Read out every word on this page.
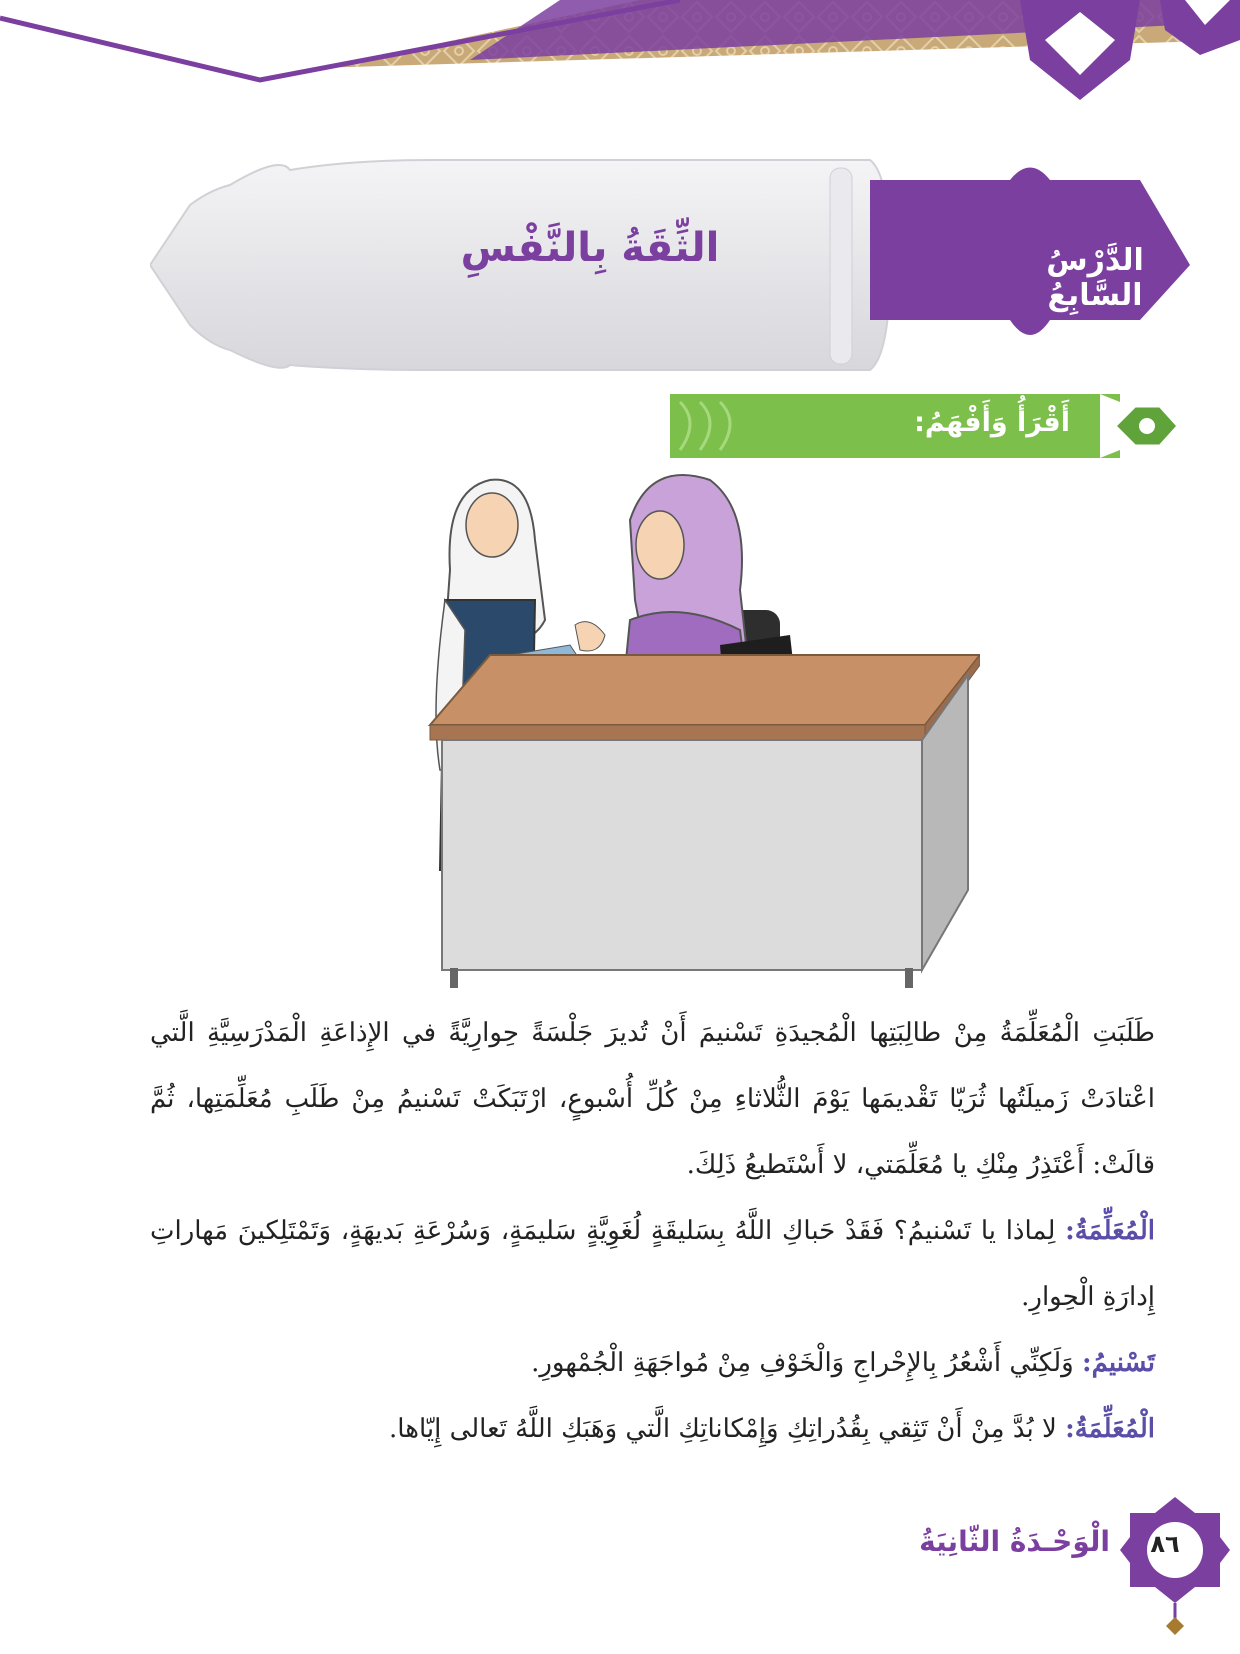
الدَّرْسُ السَّابِعُ
الثِّقَةُ بِالنَّفْسِ
أَقْرَأُ وَأَفْهَمُ:

طَلَبَتِ الْمُعَلِّمَةُ مِنْ طالِبَتِها الْمُجيدَةِ تَسْنيمَ أَنْ تُديرَ جَلْسَةً حِوارِيَّةً في الإِذاعَةِ الْمَدْرَسِيَّةِ الَّتي اعْتادَتْ زَميلَتُها ثُرَيّا تَقْديمَها يَوْمَ الثُّلاثاءِ مِنْ كُلِّ أُسْبوعٍ، ارْتَبَكَتْ تَسْنيمُ مِنْ طَلَبِ مُعَلِّمَتِها، ثُمَّ قالَتْ: أَعْتَذِرُ مِنْكِ يا مُعَلِّمَتي، لا أَسْتَطيعُ ذَلِكَ.

الْمُعَلِّمَةُ: لِماذا يا تَسْنيمُ؟ فَقَدْ حَباكِ اللَّهُ بِسَليقَةٍ لُغَوِيَّةٍ سَليمَةٍ، وَسُرْعَةِ بَديهَةٍ، وَتَمْتَلِكينَ مَهاراتِ إِدارَةِ الْحِوارِ.

تَسْنيمُ: وَلَكِنِّي أَشْعُرُ بِالإِحْراجِ وَالْخَوْفِ مِنْ مُواجَهَةِ الْجُمْهورِ.

الْمُعَلِّمَةُ: لا بُدَّ مِنْ أَنْ تَثِقي بِقُدُراتِكِ وَإِمْكاناتِكِ الَّتي وَهَبَكِ اللَّهُ تَعالى إِيّاها.

٨٦
الْوَحْـدَةُ الثّانِيَةُ
